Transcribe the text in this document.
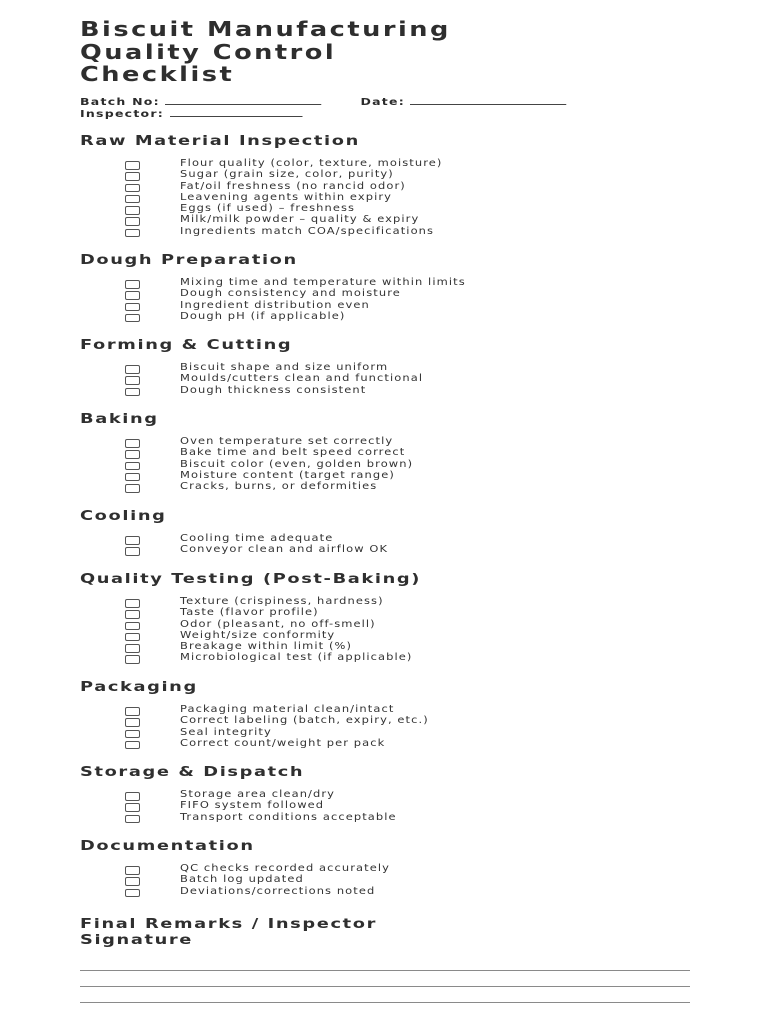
Biscuit Manufacturing
Quality Control
Checklist

Batch No:	Date:

Inspector:

Raw Material Inspection
Flour quality (color, texture, moisture)
Sugar (grain size, color, purity)
Fat/oil freshness (no rancid odor)
Leavening agents within expiry
Eggs (if used) – freshness
Milk/milk powder – quality & expiry
Ingredients match COA/specifications
Dough Preparation
Mixing time and temperature within limits
Dough consistency and moisture
Ingredient distribution even
Dough pH (if applicable)
Forming & Cutting
Biscuit shape and size uniform
Moulds/cutters clean and functional
Dough thickness consistent
Baking
Oven temperature set correctly
Bake time and belt speed correct
Biscuit color (even, golden brown)
Moisture content (target range)
Cracks, burns, or deformities
Cooling
Cooling time adequate
Conveyor clean and airflow OK
Quality Testing (Post-Baking)
Texture (crispiness, hardness)
Taste (flavor profile)
Odor (pleasant, no off-smell)
Weight/size conformity
Breakage within limit (%)
Microbiological test (if applicable)
Packaging
Packaging material clean/intact
Correct labeling (batch, expiry, etc.)
Seal integrity
Correct count/weight per pack
Storage & Dispatch
Storage area clean/dry
FIFO system followed
Transport conditions acceptable
Documentation
QC checks recorded accurately
Batch log updated
Deviations/corrections noted
Final Remarks / Inspector
Signature
